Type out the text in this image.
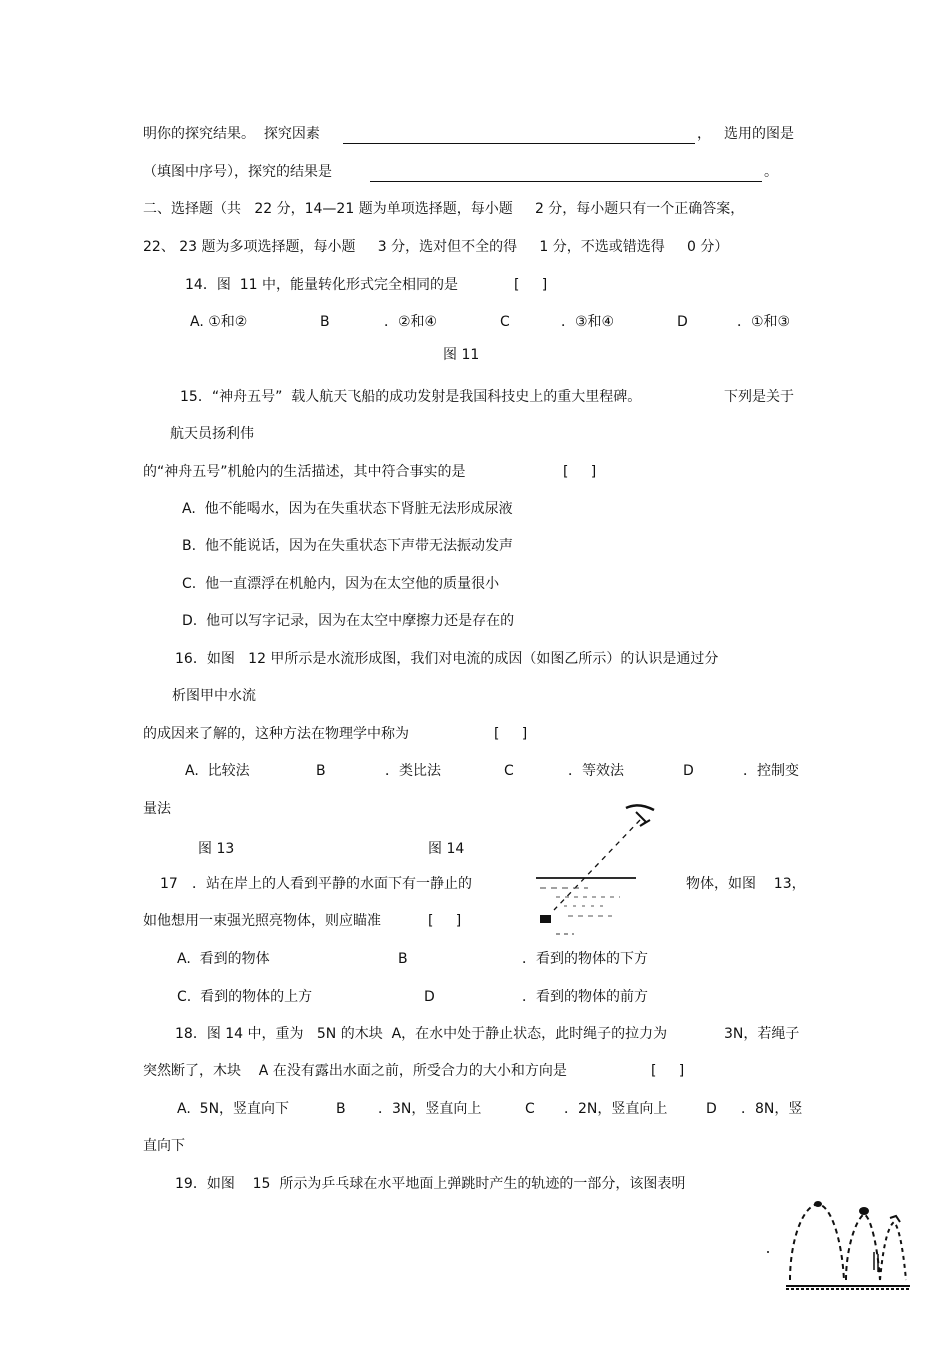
明你的探究结果。  探究因素	， 选用的图是
（填图中序号），探究的结果是	。
二、选择题（共   22 分，14—21 题为单项选择题，每小题     2 分，每小题只有一个正确答案，
22、 23 题为多项选择题，每小题     3 分，选对但不全的得     1 分，不选或错选得     0 分）
14．图  11 中，能量转化形式完全相同的是	[     ]
A. ①和②	B	．②和④	C	．③和④	D	．①和③
图 11
15．“神舟五号”  载人航天飞船的成功发射是我国科技史上的重大里程碑。	下列是关于
航天员扬利伟
的“神舟五号”机舱内的生活描述，其中符合事实的是	[     ]
A.  他不能喝水，因为在失重状态下肾脏无法形成尿液
B.  他不能说话，因为在失重状态下声带无法振动发声
C.  他一直漂浮在机舱内，因为在太空他的质量很小
D.  他可以写字记录，因为在太空中摩擦力还是存在的
16．如图   12 甲所示是水流形成图，我们对电流的成因（如图乙所示）的认识是通过分
析图甲中水流
的成因来了解的，这种方法在物理学中称为	[     ]
A.  比较法	B	．类比法	C	．等效法	D	．控制变
量法
图 13	图 14
17 ．站在岸上的人看到平静的水面下有一静止的	物体，如图    13，
如他想用一束强光照亮物体，则应瞄准	[     ]
A.  看到的物体	B	．看到的物体的下方
C.  看到的物体的上方	D	．看到的物体的前方
18．图 14 中，重为   5N 的木块  A，在水中处于静止状态，此时绳子的拉力为	3N，若绳子
突然断了，木块    A 在没有露出水面之前，所受合力的大小和方向是	[     ]
A.  5N，竖直向下	B ．3N，竖直向上	C ．2N，竖直向上	D ．8N，竖
直向下
19．如图    15  所示为乒乓球在水平地面上弹跳时产生的轨迹的一部分，该图表明
